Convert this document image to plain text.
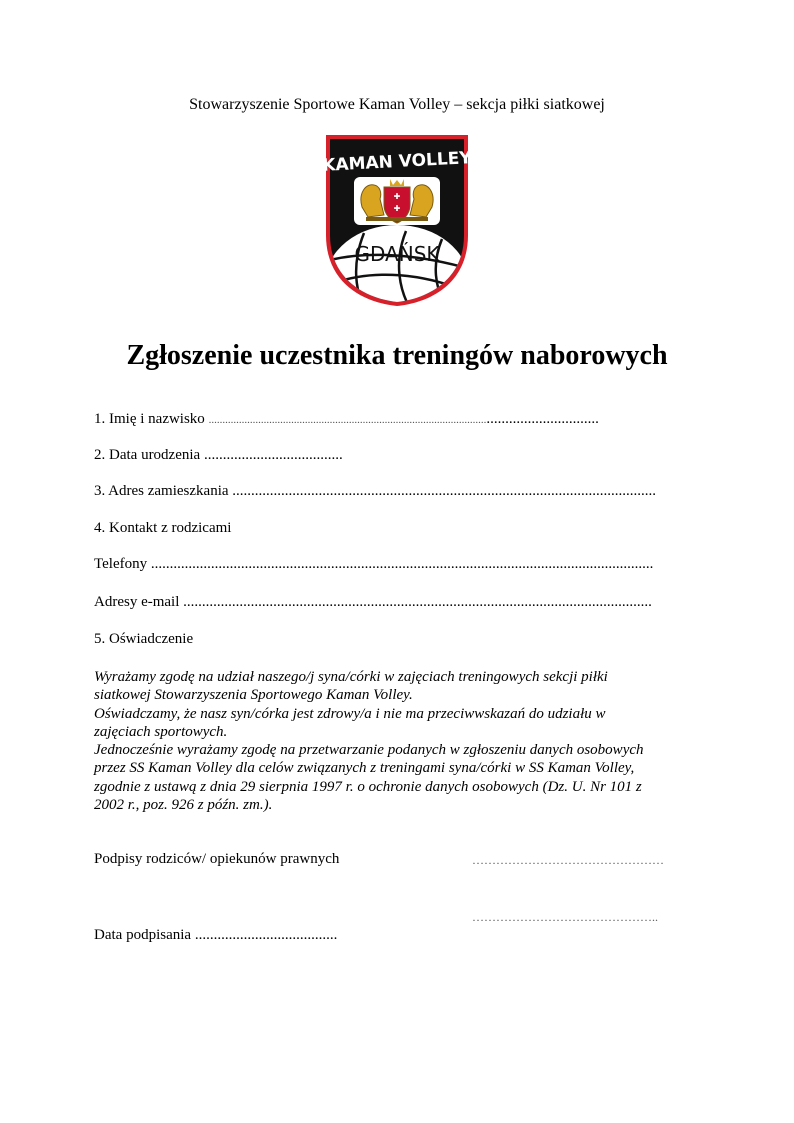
Stowarzyszenie Sportowe Kaman Volley – sekcja piłki siatkowej
KAMAN VOLLEY
✚
✚
GDAŃSK
Zgłoszenie uczestnika treningów naborowych
1. Imię i nazwisko ...................................................................................................................................
2. Data urodzenia .....................................
3. Adres zamieszkania .................................................................................................................
4. Kontakt z rodzicami
Telefony ......................................................................................................................................
Adresy e-mail .............................................................................................................................
5. Oświadczenie
Wyrażamy zgodę na udział naszego/j syna/córki w zajęciach treningowych sekcji piłki
siatkowej Stowarzyszenia Sportowego Kaman Volley.
Oświadczamy, że nasz syn/córka jest zdrowy/a i nie ma przeciwwskazań do udziału w
zajęciach sportowych.
Jednocześnie wyrażamy zgodę na przetwarzanie podanych w zgłoszeniu danych osobowych
przez SS Kaman Volley dla celów związanych z treningami syna/córki w SS Kaman Volley,
zgodnie z ustawą z dnia 29 sierpnia 1997 r. o ochronie danych osobowych (Dz. U. Nr 101 z
2002 r., poz. 926 z późn. zm.).
Podpisy rodziców/ opiekunów prawnych	…………………………………………
………………………………………..
Data podpisania ......................................
